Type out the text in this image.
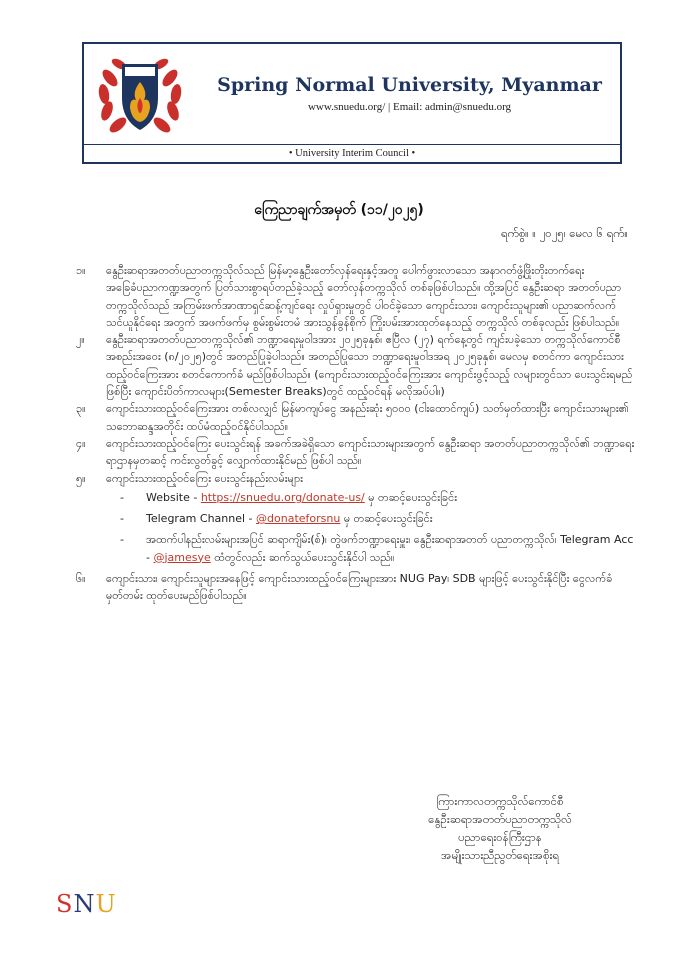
Spring Normal University, Myanmar
www.snuedu.org/ | Email: admin@snuedu.org
• University Interim Council •
ကြေညာချက်အမှတ် (၁၁/၂၀၂၅)
ရက်စွဲ။ ။ ၂၀၂၅၊ မေလ ၆ ရက်။
၁။ နွေဦးဆရာအတတ်ပညာတက္ကသိုလ်သည် မြန်မာ့နွေဦးတော်လှန်ရေးနှင့်အတူ ပေါက်ဖွားလာသော အနာဂတ်ဖွံ့ဖြိုးတိုးတက်ရေး အခြေခံပညာကဏ္ဍအတွက် ပြတ်သားစွာရပ်တည်ခဲ့သည့် တော်လှန်တက္ကသိုလ် တစ်ခုဖြစ်ပါသည်။ ထို့အပြင် နွေဦးဆရာ အတတ်ပညာတက္ကသိုလ်သည် အကြမ်းဖက်အာဏာရှင်ဆန့်ကျင်ရေး လှုပ်ရှားမှုတွင် ပါဝင်ခဲ့သော ကျောင်းသား၊ ကျောင်းသူများ၏ ပညာဆက်လက်သင်ယူနိုင်ရေး အတွက် အဖက်ဖက်မှ စွမ်းစွမ်းတမံ အားသွန်ခွန်စိုက် ကြိုးပမ်းအားထုတ်နေသည့် တက္ကသိုလ် တစ်ခုလည်း ဖြစ်ပါသည်။

၂။ နွေဦးဆရာအတတ်ပညာတက္ကသိုလ်၏ ဘဏ္ဍာရေးမူဝါဒအား ၂၀၂၅ခုနှစ်၊ ဧပြီလ (၂၇) ရက်နေ့တွင် ကျင်းပခဲ့သော တက္ကသိုလ်ကောင်စီအစည်းအဝေး (၈/၂၀၂၅)တွင် အတည်ပြုခဲ့ပါသည်။ အတည်ပြုသော ဘဏ္ဍာရေးမူဝါဒအရ ၂၀၂၅ခုနှစ်၊ မေလမှ စတင်ကာ ကျောင်းသားထည့်ဝင်ကြေးအား စတင်ကောက်ခံ မည်ဖြစ်ပါသည်။ (ကျောင်းသားထည့်ဝင်ကြေးအား ကျောင်းဖွင့်သည့် လများတွင်သာ ပေးသွင်းရမည် ဖြစ်ပြီး ကျောင်းပိတ်ကာလများ(Semester Breaks)တွင် ထည့်ဝင်ရန် မလိုအပ်ပါ။)

၃။ ကျောင်းသားထည့်ဝင်ကြေးအား တစ်လလျှင် မြန်မာကျပ်ငွေ အနည်းဆုံး ၅၀၀၀ (ငါးထောင်ကျပ်) သတ်မှတ်ထားပြီး ကျောင်းသားများ၏ သဘောဆန္ဒအတိုင်း ထပ်မံထည့်ဝင်နိုင်ပါသည်။

၄။ ကျောင်းသားထည့်ဝင်ကြေး ပေးသွင်းရန် အခက်အခဲရှိသော ကျောင်းသားများအတွက် နွေဦးဆရာ အတတ်ပညာတက္ကသိုလ်၏ ဘဏ္ဍာရေးရာဌာနမှတဆင့် ကင်းလွတ်ခွင့် လျှောက်ထားနိုင်မည် ဖြစ်ပါ သည်။

၅။ ကျောင်းသားထည့်ဝင်ကြေး ပေးသွင်းနည်းလမ်းများ

- Website - https://snuedu.org/donate-us/ မှ တဆင့်ပေးသွင်းခြင်း
- Telegram Channel - @donateforsnu မှ တဆင့်ပေးသွင်းခြင်း
- အထက်ပါနည်းလမ်းများအပြင် ဆရာကျိမ်း(စ်)၊ တွဲဖက်ဘဏ္ဍာရေးမှူး၊ နွေဦးဆရာအတတ် ပညာတက္ကသိုလ်၊ Telegram Acc - @jamesye ထံတွင်လည်း ဆက်သွယ်ပေးသွင်းနိုင်ပါ သည်။
၆။ ကျောင်းသား၊ ကျောင်းသူများအနေဖြင့် ကျောင်းသားထည့်ဝင်ကြေးများအား NUG Pay၊ SDB များဖြင့် ပေးသွင်းနိုင်ပြီး ငွေလက်ခံမှတ်တမ်း ထုတ်ပေးမည်ဖြစ်ပါသည်။

ကြားကာလတက္ကသိုလ်ကောင်စီ
နွေဦးဆရာအတတ်ပညာတက္ကသိုလ်
ပညာရေးဝန်ကြီးဌာန
အမျိုးသားညီညွတ်ရေးအစိုးရ
SNU
